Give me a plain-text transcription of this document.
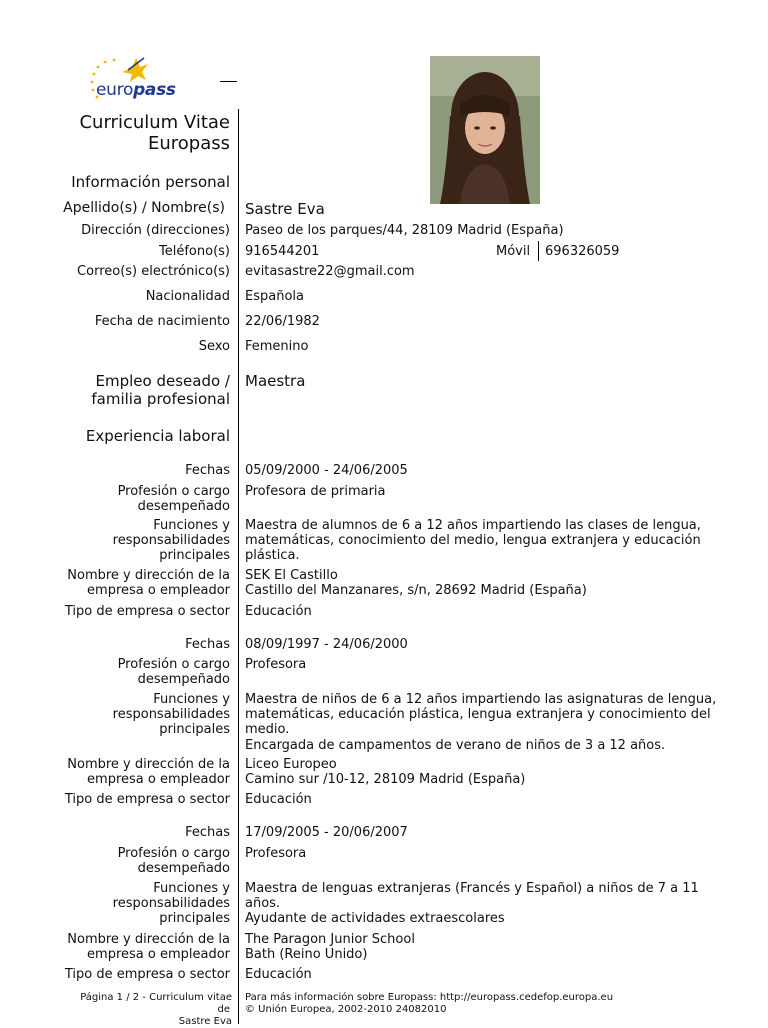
europass
Curriculum Vitae
Europass
Información personal
Apellido(s) / Nombre(s) Sastre Eva
Dirección (direcciones) Paseo de los parques/44, 28109 Madrid (España)
Teléfono(s) 916544201	Móvil 696326059
Correo(s) electrónico(s) evitasastre22@gmail.com
Nacionalidad Española
Fecha de nacimiento 22/06/1982
Sexo Femenino
Empleo deseado /
familia profesional
Maestra
Experiencia laboral
Fechas 05/09/2000 - 24/06/2005
Profesión o cargo
desempeñado
Profesora de primaria
Funciones y
responsabilidades
principales
Maestra de alumnos de 6 a 12 años impartiendo las clases de lengua,
matemáticas, conocimiento del medio, lengua extranjera y educación
plástica.
Nombre y dirección de la
empresa o empleador
SEK El Castillo
Castillo del Manzanares, s/n, 28692 Madrid (España)
Tipo de empresa o sector Educación
Fechas 08/09/1997 - 24/06/2000
Profesión o cargo
desempeñado
Profesora
Funciones y
responsabilidades
principales
Maestra de niños de 6 a 12 años impartiendo las asignaturas de lengua,
matemáticas, educación plástica, lengua extranjera y conocimiento del
medio.
Encargada de campamentos de verano de niños de 3 a 12 años.
Nombre y dirección de la
empresa o empleador
Liceo Europeo
Camino sur /10-12, 28109 Madrid (España)
Tipo de empresa o sector Educación
Fechas 17/09/2005 - 20/06/2007
Profesión o cargo
desempeñado
Profesora
Funciones y
responsabilidades
principales
Maestra de lenguas extranjeras (Francés y Español) a niños de 7 a 11
años.
Ayudante de actividades extraescolares
Nombre y dirección de la
empresa o empleador
The Paragon Junior School
Bath (Reino Unido)
Tipo de empresa o sector Educación
Página 1 / 2 - Curriculum vitae
de
Sastre Eva
Para más información sobre Europass: http://europass.cedefop.europa.eu
© Unión Europea, 2002-2010 24082010
